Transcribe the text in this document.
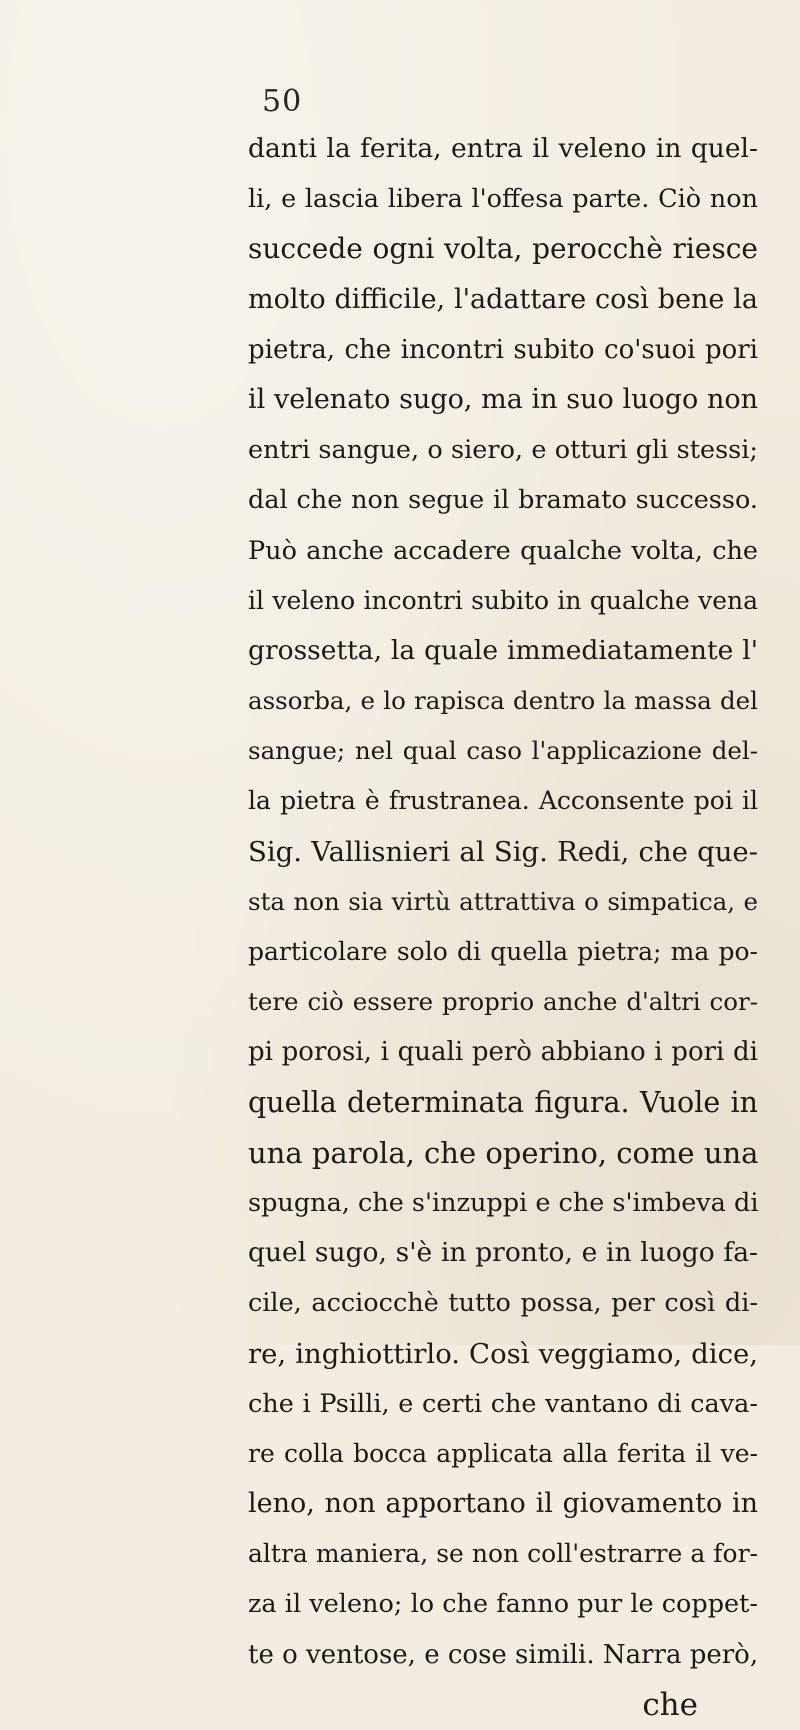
50
danti la ferita, entra il veleno in quel-
li, e lascia libera l'offesa parte. Ciò non
succede ogni volta, perocchè riesce
molto difficile, l'adattare così bene la
pietra, che incontri subito co'suoi pori
il velenato sugo, ma in suo luogo non
entri sangue, o siero, e otturi gli stessi;
dal che non segue il bramato successo.
Può anche accadere qualche volta, che
il veleno incontri subito in qualche vena
grossetta, la quale immediatamente l'
assorba, e lo rapisca dentro la massa del
sangue; nel qual caso l'applicazione del-
la pietra è frustranea. Acconsente poi il
Sig. Vallisnieri al Sig. Redi, che que-
sta non sia virtù attrattiva o simpatica, e
particolare solo di quella pietra; ma po-
tere ciò essere proprio anche d'altri cor-
pi porosi, i quali però abbiano i pori di
quella determinata figura. Vuole in
una parola, che operino, come una
spugna, che s'inzuppi e che s'imbeva di
quel sugo, s'è in pronto, e in luogo fa-
cile, acciocchè tutto possa, per così di-
re, inghiottirlo. Così veggiamo, dice,
che i Psilli, e certi che vantano di cava-
re colla bocca applicata alla ferita il ve-
leno, non apportano il giovamento in
altra maniera, se non coll'estrarre a for-
za il veleno; lo che fanno pur le coppet-
te o ventose, e cose simili. Narra però,
che
